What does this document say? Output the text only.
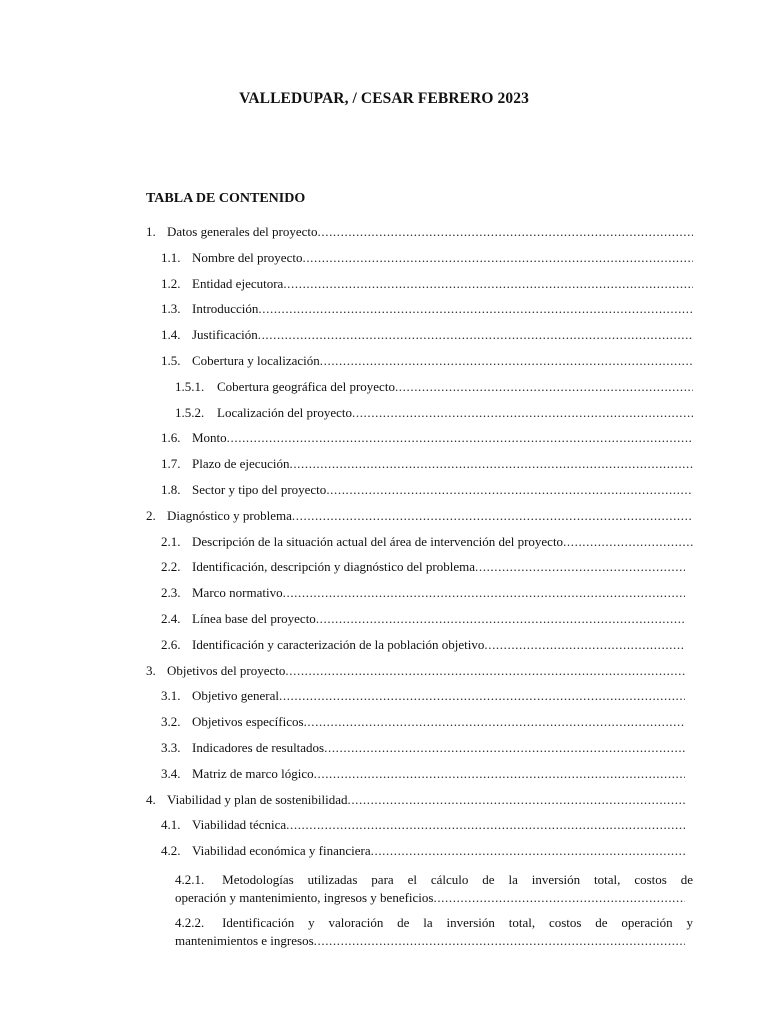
VALLEDUPAR, / CESAR FEBRERO 2023
TABLA DE CONTENIDO
1. Datos generales del proyecto
.....
1.1. Nombre del proyecto
.....
1.2. Entidad ejecutora
.....
1.3. Introducción
.....
1.4. Justificación
.....
1.5. Cobertura y localización
.....
1.5.1. Cobertura geográfica del proyecto
.....
1.5.2. Localización del proyecto
.....
1.6. Monto
.....
1.7. Plazo de ejecución
.....
1.8. Sector y tipo del proyecto
.....
2. Diagnóstico y problema
.....
2.1. Descripción de la situación actual del área de intervención del proyecto
.....
2.2. Identificación, descripción y diagnóstico del problema
.....
2.3. Marco normativo
.....
2.4. Línea base del proyecto
.....
2.6. Identificación y caracterización de la población objetivo
.....
3. Objetivos del proyecto
.....
3.1. Objetivo general
.....
3.2. Objetivos específicos
.....
3.3. Indicadores de resultados
.....
3.4. Matriz de marco lógico
.....
4. Viabilidad y plan de sostenibilidad
.....
4.1. Viabilidad técnica
.....
4.2. Viabilidad económica y financiera
.....
4.2.1. Metodologías utilizadas para el cálculo de la inversión total, costos de
operación y mantenimiento, ingresos y beneficios
.....
4.2.2. Identificación y valoración de la inversión total, costos de operación y
mantenimientos e ingresos
.....
